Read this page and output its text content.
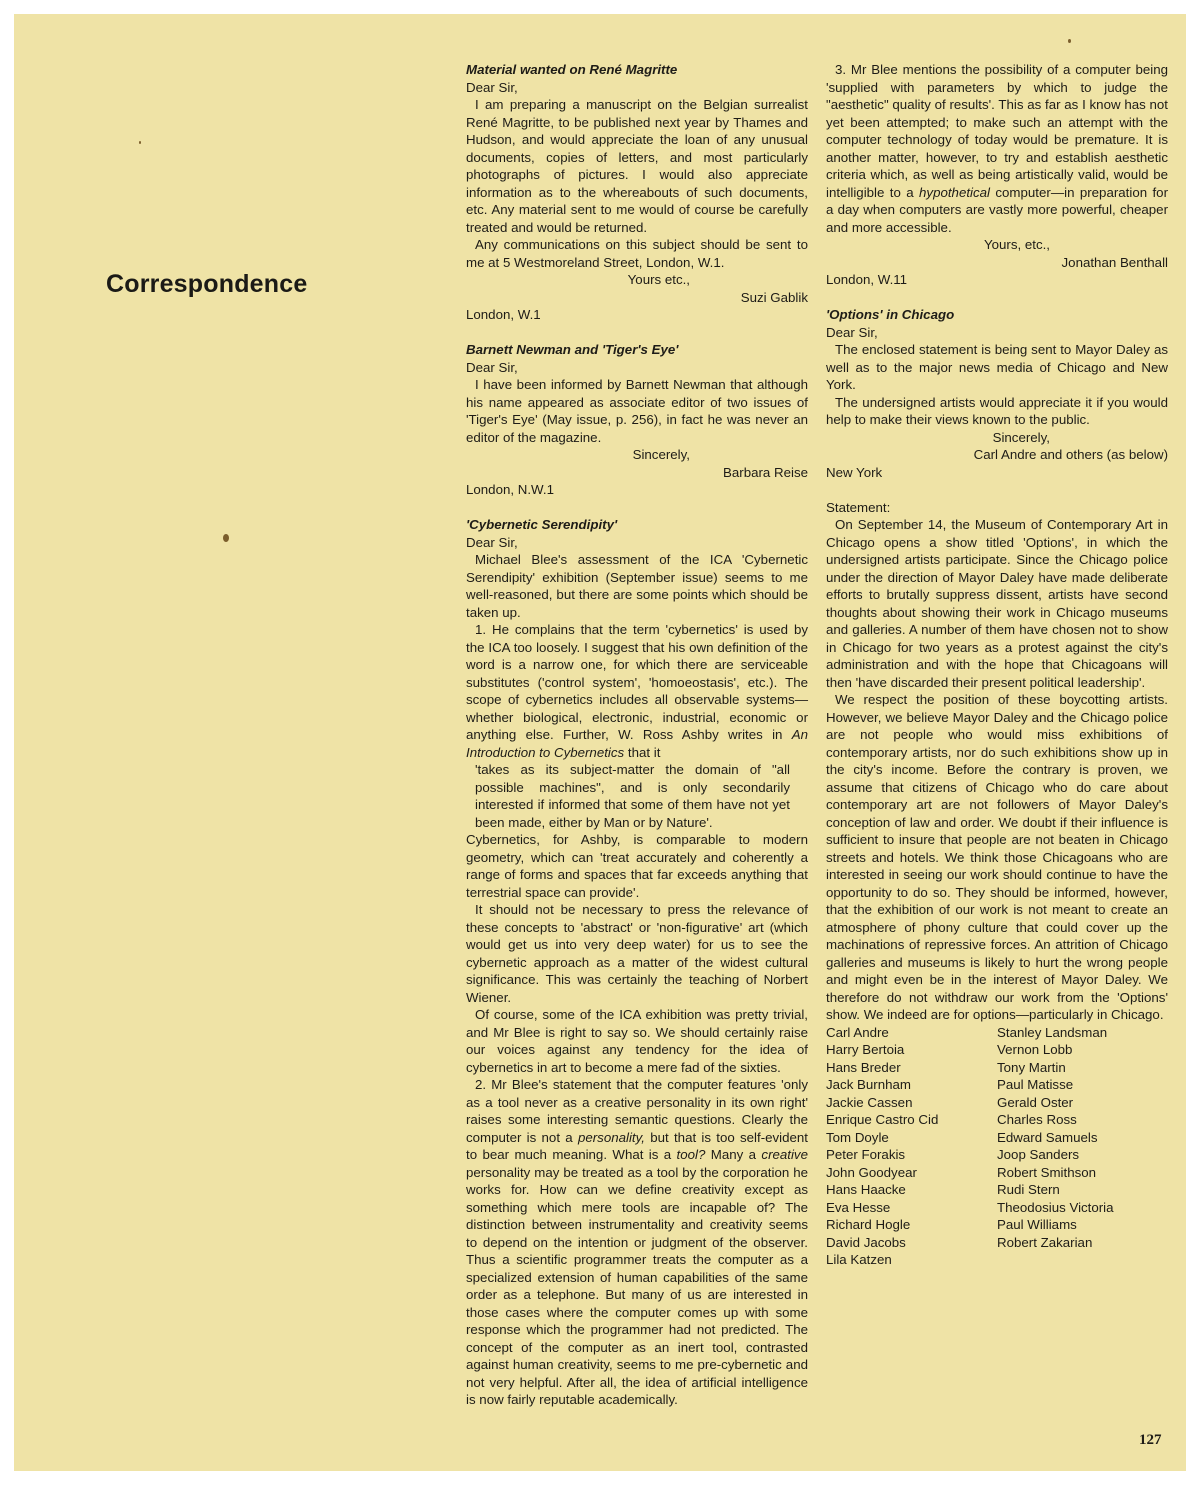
Correspondence

Material wanted on René Magritte

Dear Sir,

I am preparing a manuscript on the Belgian surrealist René Magritte, to be published next year by Thames and Hudson, and would appreciate the loan of any unusual documents, copies of letters, and most particularly photographs of pictures. I would also appreciate information as to the whereabouts of such documents, etc. Any material sent to me would of course be carefully treated and would be returned.

Any communications on this subject should be sent to me at 5 Westmoreland Street, London, W.1.

Yours etc.,

Suzi Gablik

London, W.1

Barnett Newman and 'Tiger's Eye'

Dear Sir,

I have been informed by Barnett Newman that although his name appeared as associate editor of two issues of 'Tiger's Eye' (May issue, p. 256), in fact he was never an editor of the magazine.

Sincerely,

Barbara Reise

London, N.W.1

'Cybernetic Serendipity'

Dear Sir,

Michael Blee's assessment of the ICA 'Cybernetic Serendipity' exhibition (September issue) seems to me well-reasoned, but there are some points which should be taken up.

1. He complains that the term 'cybernetics' is used by the ICA too loosely. I suggest that his own definition of the word is a narrow one, for which there are serviceable substitutes ('control system', 'homoeostasis', etc.). The scope of cybernetics includes all observable systems—whether biological, electronic, industrial, economic or anything else. Further, W. Ross Ashby writes in An Introduction to Cybernetics that it

'takes as its subject-matter the domain of "all possible machines", and is only secondarily interested if informed that some of them have not yet been made, either by Man or by Nature'.

Cybernetics, for Ashby, is comparable to modern geometry, which can 'treat accurately and coherently a range of forms and spaces that far exceeds anything that terrestrial space can provide'.

It should not be necessary to press the relevance of these concepts to 'abstract' or 'non-figurative' art (which would get us into very deep water) for us to see the cybernetic approach as a matter of the widest cultural significance. This was certainly the teaching of Norbert Wiener.

Of course, some of the ICA exhibition was pretty trivial, and Mr Blee is right to say so. We should certainly raise our voices against any tendency for the idea of cybernetics in art to become a mere fad of the sixties.

2. Mr Blee's statement that the computer features 'only as a tool never as a creative personality in its own right' raises some interesting semantic questions. Clearly the computer is not a personality, but that is too self-evident to bear much meaning. What is a tool? Many a creative personality may be treated as a tool by the corporation he works for. How can we define creativity except as something which mere tools are incapable of? The distinction between instrumentality and creativity seems to depend on the intention or judgment of the observer. Thus a scientific programmer treats the computer as a specialized extension of human capabilities of the same order as a telephone. But many of us are interested in those cases where the computer comes up with some response which the programmer had not predicted. The concept of the computer as an inert tool, contrasted against human creativity, seems to me pre-cybernetic and not very helpful. After all, the idea of artificial intelligence is now fairly reputable academically.

3. Mr Blee mentions the possibility of a computer being 'supplied with parameters by which to judge the "aesthetic" quality of results'. This as far as I know has not yet been attempted; to make such an attempt with the computer technology of today would be premature. It is another matter, however, to try and establish aesthetic criteria which, as well as being artistically valid, would be intelligible to a hypothetical computer—in preparation for a day when computers are vastly more powerful, cheaper and more accessible.

Yours, etc.,

Jonathan Benthall

London, W.11

'Options' in Chicago

Dear Sir,

The enclosed statement is being sent to Mayor Daley as well as to the major news media of Chicago and New York.

The undersigned artists would appreciate it if you would help to make their views known to the public.

Sincerely,

Carl Andre and others (as below)

New York

Statement:

On September 14, the Museum of Contemporary Art in Chicago opens a show titled 'Options', in which the undersigned artists participate. Since the Chicago police under the direction of Mayor Daley have made deliberate efforts to brutally suppress dissent, artists have second thoughts about showing their work in Chicago museums and galleries. A number of them have chosen not to show in Chicago for two years as a protest against the city's administration and with the hope that Chicagoans will then 'have discarded their present political leadership'.

We respect the position of these boycotting artists. However, we believe Mayor Daley and the Chicago police are not people who would miss exhibitions of contemporary artists, nor do such exhibitions show up in the city's income. Before the contrary is proven, we assume that citizens of Chicago who do care about contemporary art are not followers of Mayor Daley's conception of law and order. We doubt if their influence is sufficient to insure that people are not beaten in Chicago streets and hotels. We think those Chicagoans who are interested in seeing our work should continue to have the opportunity to do so. They should be informed, however, that the exhibition of our work is not meant to create an atmosphere of phony culture that could cover up the machinations of repressive forces. An attrition of Chicago galleries and museums is likely to hurt the wrong people and might even be in the interest of Mayor Daley. We therefore do not withdraw our work from the 'Options' show. We indeed are for options—particularly in Chicago.

Carl Andre
Harry Bertoia
Hans Breder
Jack Burnham
Jackie Cassen
Enrique Castro Cid
Tom Doyle
Peter Forakis
John Goodyear
Hans Haacke
Eva Hesse
Richard Hogle
David Jacobs
Lila Katzen
Stanley Landsman
Vernon Lobb
Tony Martin
Paul Matisse
Gerald Oster
Charles Ross
Edward Samuels
Joop Sanders
Robert Smithson
Rudi Stern
Theodosius Victoria
Paul Williams
Robert Zakarian
127
